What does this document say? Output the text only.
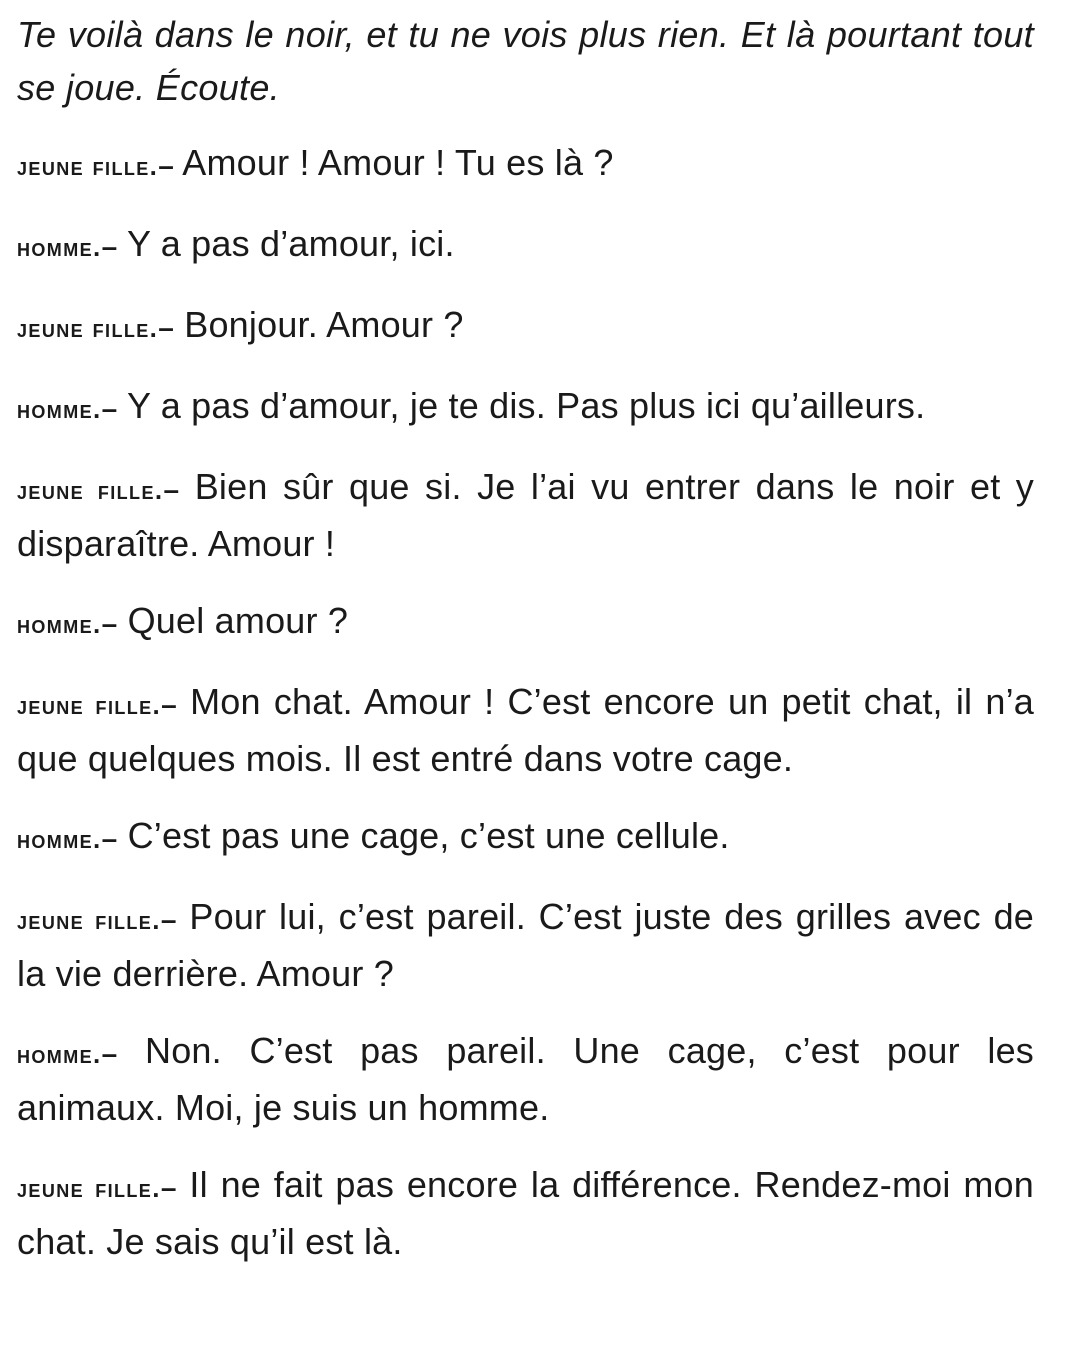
Te voilà dans le noir, et tu ne vois plus rien. Et là pourtant tout se joue. Écoute.

jeune fille.– Amour ! Amour ! Tu es là ?

homme.– Y a pas d’amour, ici.

jeune fille.– Bonjour. Amour ?

homme.– Y a pas d’amour, je te dis. Pas plus ici qu’ailleurs.

jeune fille.– Bien sûr que si. Je l’ai vu entrer dans le noir et y disparaître. Amour !

homme.– Quel amour ?

jeune fille.– Mon chat. Amour ! C’est encore un petit chat, il n’a que quelques mois. Il est entré dans votre cage.

homme.– C’est pas une cage, c’est une cellule.

jeune fille.– Pour lui, c’est pareil. C’est juste des grilles avec de la vie derrière. Amour ?

homme.– Non. C’est pas pareil. Une cage, c’est pour les animaux. Moi, je suis un homme.

jeune fille.– Il ne fait pas encore la différence. Rendez-moi mon chat. Je sais qu’il est là.
